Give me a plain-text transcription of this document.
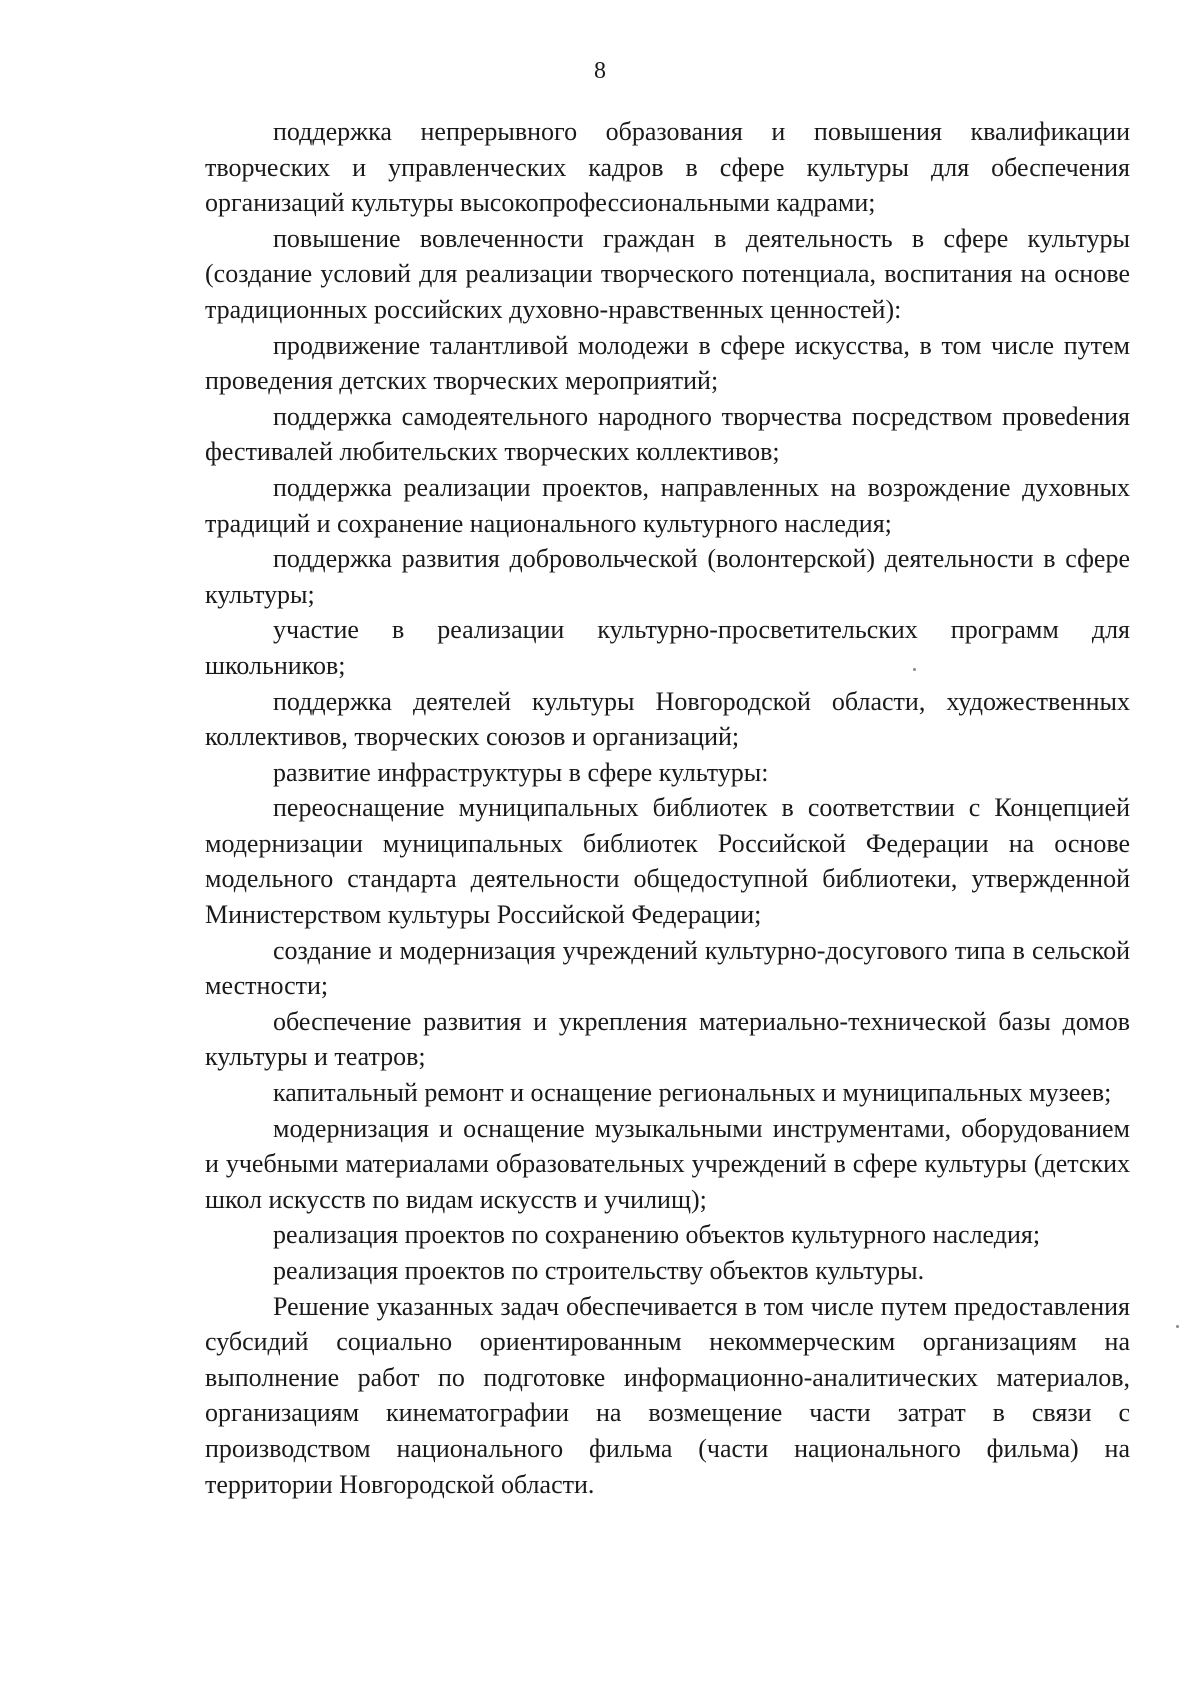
8

поддержка непрерывного образования и повышения квалификации творческих и управленческих кадров в сфере культуры для обеспечения организаций культуры высокопрофессиональными кадрами;

повышение вовлеченности граждан в деятельность в сфере культуры (создание условий для реализации творческого потенциала, воспитания на основе традиционных российских духовно-нравственных ценностей):

продвижение талантливой молодежи в сфере искусства, в том числе путем проведения детских творческих мероприятий;

поддержка самодеятельного народного творчества посредством провеdения фестивалей любительских творческих коллективов;

поддержка реализации проектов, направленных на возрождение духовных традиций и сохранение национального культурного наследия;

поддержка развития добровольческой (волонтерской) деятельности в сфере культуры;

участие в реализации культурно-просветительских программ для школьников;

поддержка деятелей культуры Новгородской области, художественных коллективов, творческих союзов и организаций;

развитие инфраструктуры в сфере культуры:

переоснащение муниципальных библиотек в соответствии с Концепцией модернизации муниципальных библиотек Российской Федерации на основе модельного стандарта деятельности общедоступной библиотеки, утвержденной Министерством культуры Российской Федерации;

создание и модернизация учреждений культурно-досугового типа в сельской местности;

обеспечение развития и укрепления материально-технической базы домов культуры и театров;

капитальный ремонт и оснащение региональных и муниципальных музеев;

модернизация и оснащение музыкальными инструментами, оборудованием и учебными материалами образовательных учреждений в сфере культуры (детских школ искусств по видам искусств и училищ);

реализация проектов по сохранению объектов культурного наследия;

реализация проектов по строительству объектов культуры.

Решение указанных задач обеспечивается в том числе путем предоставления субсидий социально ориентированным некоммерческим организациям на выполнение работ по подготовке информационно-аналитических материалов, организациям кинематографии на возмещение части затрат в связи с производством национального фильма (части национального фильма) на территории Новгородской области.
